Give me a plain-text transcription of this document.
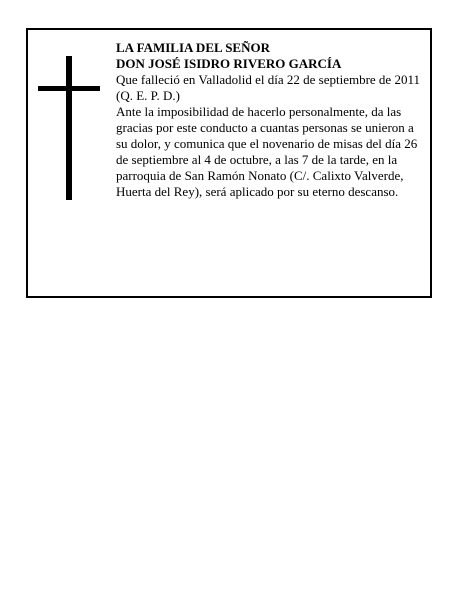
LA FAMILIA DEL SEÑOR
DON JOSÉ ISIDRO RIVERO GARCÍA
Que falleció en Valladolid el día 22 de septiembre de 2011
(Q. E. P. D.)
Ante la imposibilidad de hacerlo personalmente, da las gracias por este conducto a cuantas personas se unieron a su dolor, y comunica que el novenario de misas del día 26 de septiembre al 4 de octubre, a las 7 de la tarde, en la parroquia de San Ramón Nonato (C/. Calixto Valverde, Huerta del Rey), será aplicado por su eterno descanso.
